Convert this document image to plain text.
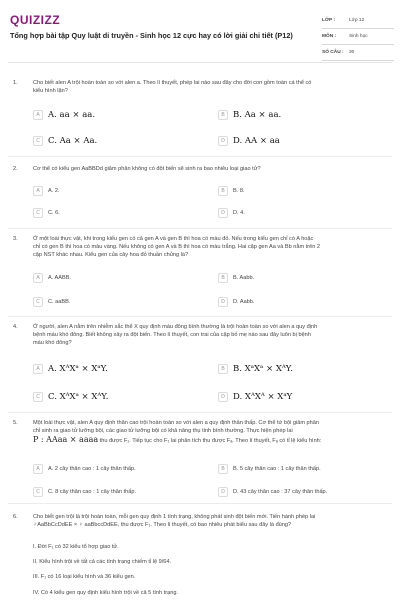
QUIZIZZ
Tổng hợp bài tập Quy luật di truyền - Sinh học 12 cực hay có lời giải chi tiết (P12)
LỚP :	Lớp 12
MÔN :	Sinh học
SỐ CÂU :	30
1.	Cho biết alen A trội hoàn toàn so với alen a. Theo lí thuyết, phép lai nào sau đây cho đời con gồm toàn cá thể có
kiểu hình lặn?
A A. aa × aa.	B B. Aa × aa.
C C. Aa × Aa.	D D. AA × aa
2.	Cơ thể có kiểu gen AaBBDd giảm phân không có đột biến sẽ sinh ra bao nhiêu loại giao tử?
A	A. 2.	B	B. 8.
C	C. 6.	D	D. 4.
3.	Ở một loài thực vật, khi trong kiểu gen có cả gen A và gen B thì hoa có màu đỏ. Nếu trong kiểu gen chỉ có A hoặc
chỉ có gen B thì hoa có màu vàng. Nếu không có gen A và B thì hoa có màu trắng. Hai cặp gen Aa và Bb nằm trên 2
cặp NST khác nhau. Kiểu gen của cây hoa đỏ thuần chủng là?
A	A. AABB.	B	B. Aabb.
C	C. aaBB.	D	D. Aabb.
4.	Ở người, alen A nằm trên nhiễm sắc thể X quy định máu đông bình thường là trội hoàn toàn so với alen a quy định
bệnh máu khó đông. Biết không xảy ra đột biến. Theo lí thuyết, con trai của cặp bố mẹ nào sau đây luôn bị bệnh
máu khó đông?
A A. XᴬXᵃ × XᵃY.	B B. XᵃXᵃ × XᴬY.
C C. XᴬXᵃ × XᴬY.	D D. XᴬXᴬ × XᵃY
5.	Một loài thực vật, alen A quy định thân cao trội hoàn toàn so với alen a quy định thân thấp. Cơ thể tứ bội giảm phân
chỉ sinh ra giao tử lưỡng bội, các giao tử lưỡng bội có khả năng thụ tinh bình thường. Thực hiện phép lai
P : AAaa × aaaa thu được F₁. Tiếp tục cho F₁ lai phân tích thu được Fₐ. Theo lí thuyết, Fₐ có tỉ lệ kiểu hình:
A	A. 2 cây thân cao : 1 cây thân thấp.	B	B. 5 cây thân cao : 1 cây thân thấp.
C	C. 8 cây thân cao : 1 cây thân thấp.	D	D. 43 cây thân cao : 37 cây thân thấp.
6.	Cho biết gen trội là trội hoàn toàn, mỗi gen quy định 1 tính trạng, không phát sinh đột biến mới. Tiến hành phép lai
♂AaBbCcDdEE × ♀ aaBbccDdEE, thu được F₁. Theo lí thuyết, có bao nhiêu phát biểu sau đây là đúng?
I. Đời F₁ có 32 kiểu tổ hợp giao tử.
II. Kiểu hình trội về tất cả các tính trạng chiếm tỉ lệ 9/64.
III. F₁ có 16 loại kiểu hình và 36 kiểu gen.
IV. Có 4 kiểu gen quy định kiểu hình trội về cả 5 tính trạng.
